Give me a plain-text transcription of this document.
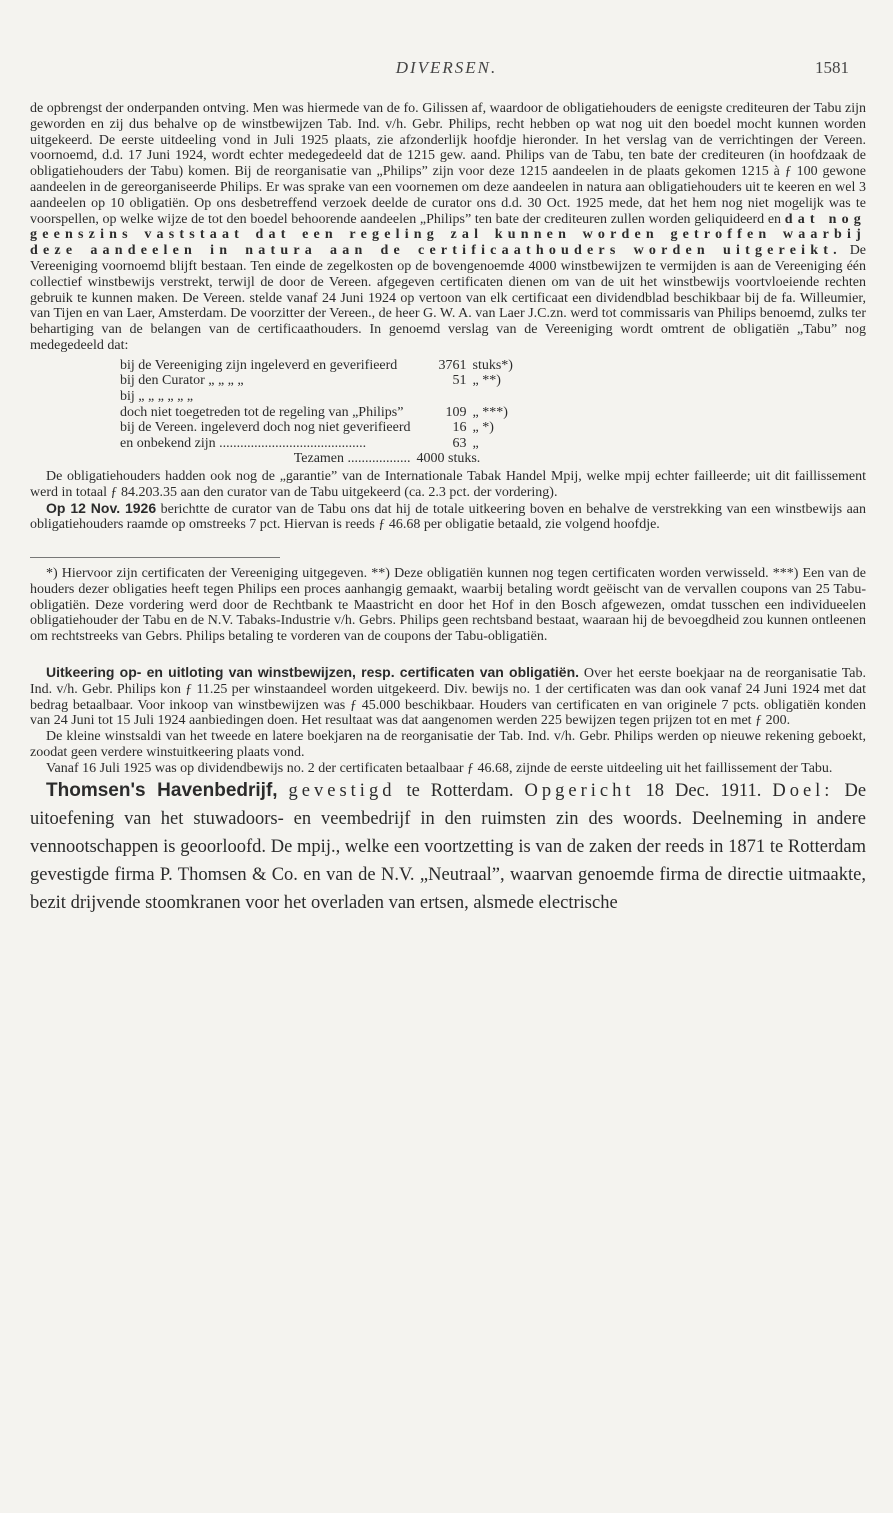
DIVERSEN.	1581

de opbrengst der onderpanden ontving. Men was hiermede van de fo. Gilissen af, waardoor de obligatiehouders de eenigste crediteuren der Tabu zijn geworden en zij dus behalve op de winstbewijzen Tab. Ind. v/h. Gebr. Philips, recht hebben op wat nog uit den boedel mocht kunnen worden uitgekeerd. De eerste uitdeeling vond in Juli 1925 plaats, zie afzonderlijk hoofdje hieronder. In het verslag van de verrichtingen der Vereen. voornoemd, d.d. 17 Juni 1924, wordt echter medegedeeld dat de 1215 gew. aand. Philips van de Tabu, ten bate der crediteuren (in hoofdzaak de obligatiehouders der Tabu) komen. Bij de reorganisatie van „Philips” zijn voor deze 1215 aandeelen in de plaats gekomen 1215 à ƒ 100 gewone aandeelen in de gereorganiseerde Philips. Er was sprake van een voornemen om deze aandeelen in natura aan obligatiehouders uit te keeren en wel 3 aandeelen op 10 obligatiën. Op ons desbetreffend verzoek deelde de curator ons d.d. 30 Oct. 1925 mede, dat het hem nog niet mogelijk was te voorspellen, op welke wijze de tot den boedel behoorende aandeelen „Philips” ten bate der crediteuren zullen worden geliquideerd en dat nog geenszins vaststaat dat een regeling zal kunnen worden getroffen waarbij deze aandeelen in natura aan de certificaathouders worden uitgereikt. De Vereeniging voornoemd blijft bestaan. Ten einde de zegelkosten op de bovengenoemde 4000 winstbewijzen te vermijden is aan de Vereeniging één collectief winstbewijs verstrekt, terwijl de door de Vereen. afgegeven certificaten dienen om van de uit het winstbewijs voortvloeiende rechten gebruik te kunnen maken. De Vereen. stelde vanaf 24 Juni 1924 op vertoon van elk certificaat een dividendblad beschikbaar bij de fa. Willeumier, van Tijen en van Laer, Amsterdam. De voorzitter der Vereen., de heer G. W. A. van Laer J.C.zn. werd tot commissaris van Philips benoemd, zulks ter behartiging van de belangen van de certificaathouders. In genoemd verslag van de Vereeniging wordt omtrent de obligatiën „Tabu” nog medegedeeld dat:

bij de Vereeniging zijn ingeleverd en geverifieerd	3761	stuks*)
bij den Curator „ „ „ „	51	„ **)
bij „ „ „ „ „ „		
doch niet toegetreden tot de regeling van „Philips”	109	„ ***)
bij de Vereen. ingeleverd doch nog niet geverifieerd	16	„ *)
en onbekend zijn ..........................................	63	„
Tezamen ..................	4000 stuks.	

De obligatiehouders hadden ook nog de „garantie” van de Internationale Tabak Handel Mpij, welke mpij echter failleerde; uit dit faillissement werd in totaal ƒ 84.203.35 aan den curator van de Tabu uitgekeerd (ca. 2.3 pct. der vordering).

Op 12 Nov. 1926 berichtte de curator van de Tabu ons dat hij de totale uitkeering boven en behalve de verstrekking van een winstbewijs aan obligatiehouders raamde op omstreeks 7 pct. Hiervan is reeds ƒ 46.68 per obligatie betaald, zie volgend hoofdje.

*) Hiervoor zijn certificaten der Vereeniging uitgegeven. **) Deze obligatiën kunnen nog tegen certificaten worden verwisseld. ***) Een van de houders dezer obligaties heeft tegen Philips een proces aanhangig gemaakt, waarbij betaling wordt geëischt van de vervallen coupons van 25 Tabu-obligatiën. Deze vordering werd door de Rechtbank te Maastricht en door het Hof in den Bosch afgewezen, omdat tusschen een individueelen obligatiehouder der Tabu en de N.V. Tabaks-Industrie v/h. Gebrs. Philips geen rechtsband bestaat, waaraan hij de bevoegdheid zou kunnen ontleenen om rechtstreeks van Gebrs. Philips betaling te vorderen van de coupons der Tabu-obligatiën.

Uitkeering op- en uitloting van winstbewijzen, resp. certificaten van obligatiën. Over het eerste boekjaar na de reorganisatie Tab. Ind. v/h. Gebr. Philips kon ƒ 11.25 per winstaandeel worden uitgekeerd. Div. bewijs no. 1 der certificaten was dan ook vanaf 24 Juni 1924 met dat bedrag betaalbaar. Voor inkoop van winstbewijzen was ƒ 45.000 beschikbaar. Houders van certificaten en van originele 7 pcts. obligatiën konden van 24 Juni tot 15 Juli 1924 aanbiedingen doen. Het resultaat was dat aangenomen werden 225 bewijzen tegen prijzen tot en met ƒ 200.

De kleine winstsaldi van het tweede en latere boekjaren na de reorganisatie der Tab. Ind. v/h. Gebr. Philips werden op nieuwe rekening geboekt, zoodat geen verdere winstuitkeering plaats vond.

Vanaf 16 Juli 1925 was op dividendbewijs no. 2 der certificaten betaalbaar ƒ 46.68, zijnde de eerste uitdeeling uit het faillissement der Tabu.

Thomsen's Havenbedrijf, gevestigd te Rotterdam. Opgericht 18 Dec. 1911. Doel: De uitoefening van het stuwadoors- en veembedrijf in den ruimsten zin des woords. Deelneming in andere vennootschappen is geoorloofd. De mpij., welke een voortzetting is van de zaken der reeds in 1871 te Rotterdam gevestigde firma P. Thomsen & Co. en van de N.V. „Neutraal”, waarvan genoemde firma de directie uitmaakte, bezit drijvende stoomkranen voor het overladen van ertsen, alsmede electrische
